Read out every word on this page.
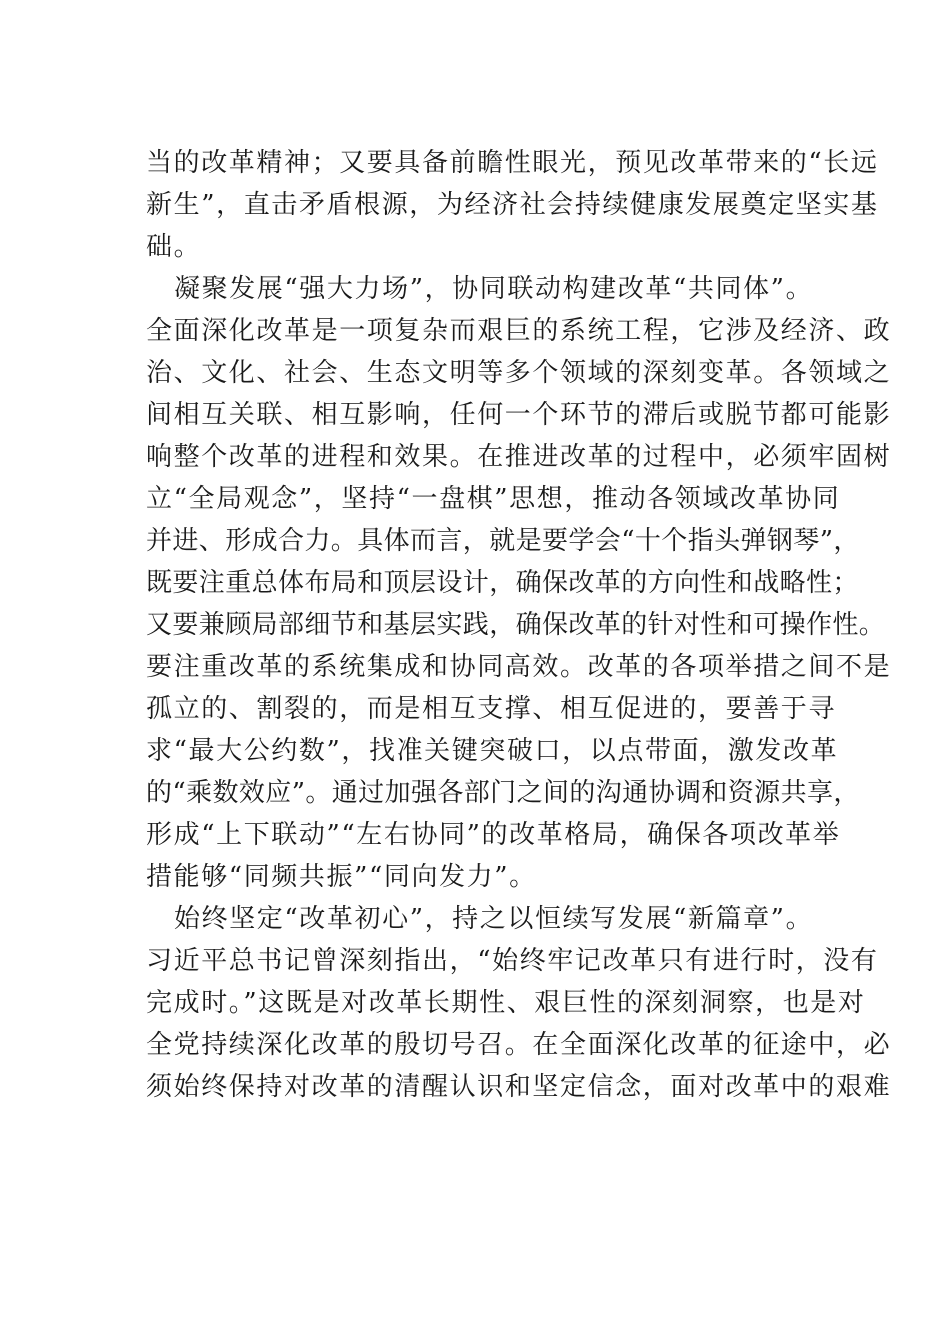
当的改革精神；又要具备前瞻性眼光，预见改革带来的“长远
新生”，直击矛盾根源，为经济社会持续健康发展奠定坚实基
础。
凝聚发展“强大力场”，协同联动构建改革“共同体”。
全面深化改革是一项复杂而艰巨的系统工程，它涉及经济、政
治、文化、社会、生态文明等多个领域的深刻变革。各领域之
间相互关联、相互影响，任何一个环节的滞后或脱节都可能影
响整个改革的进程和效果。在推进改革的过程中，必须牢固树
立“全局观念”，坚持“一盘棋”思想，推动各领域改革协同
并进、形成合力。具体而言，就是要学会“十个指头弹钢琴”，
既要注重总体布局和顶层设计，确保改革的方向性和战略性；
又要兼顾局部细节和基层实践，确保改革的针对性和可操作性。
要注重改革的系统集成和协同高效。改革的各项举措之间不是
孤立的、割裂的，而是相互支撑、相互促进的，要善于寻
求“最大公约数”，找准关键突破口，以点带面，激发改革
的“乘数效应”。通过加强各部门之间的沟通协调和资源共享，
形成“上下联动”“左右协同”的改革格局，确保各项改革举
措能够“同频共振”“同向发力”。
始终坚定“改革初心”，持之以恒续写发展“新篇章”。
习近平总书记曾深刻指出，“始终牢记改革只有进行时，没有
完成时。”这既是对改革长期性、艰巨性的深刻洞察，也是对
全党持续深化改革的殷切号召。在全面深化改革的征途中，必
须始终保持对改革的清醒认识和坚定信念，面对改革中的艰难
